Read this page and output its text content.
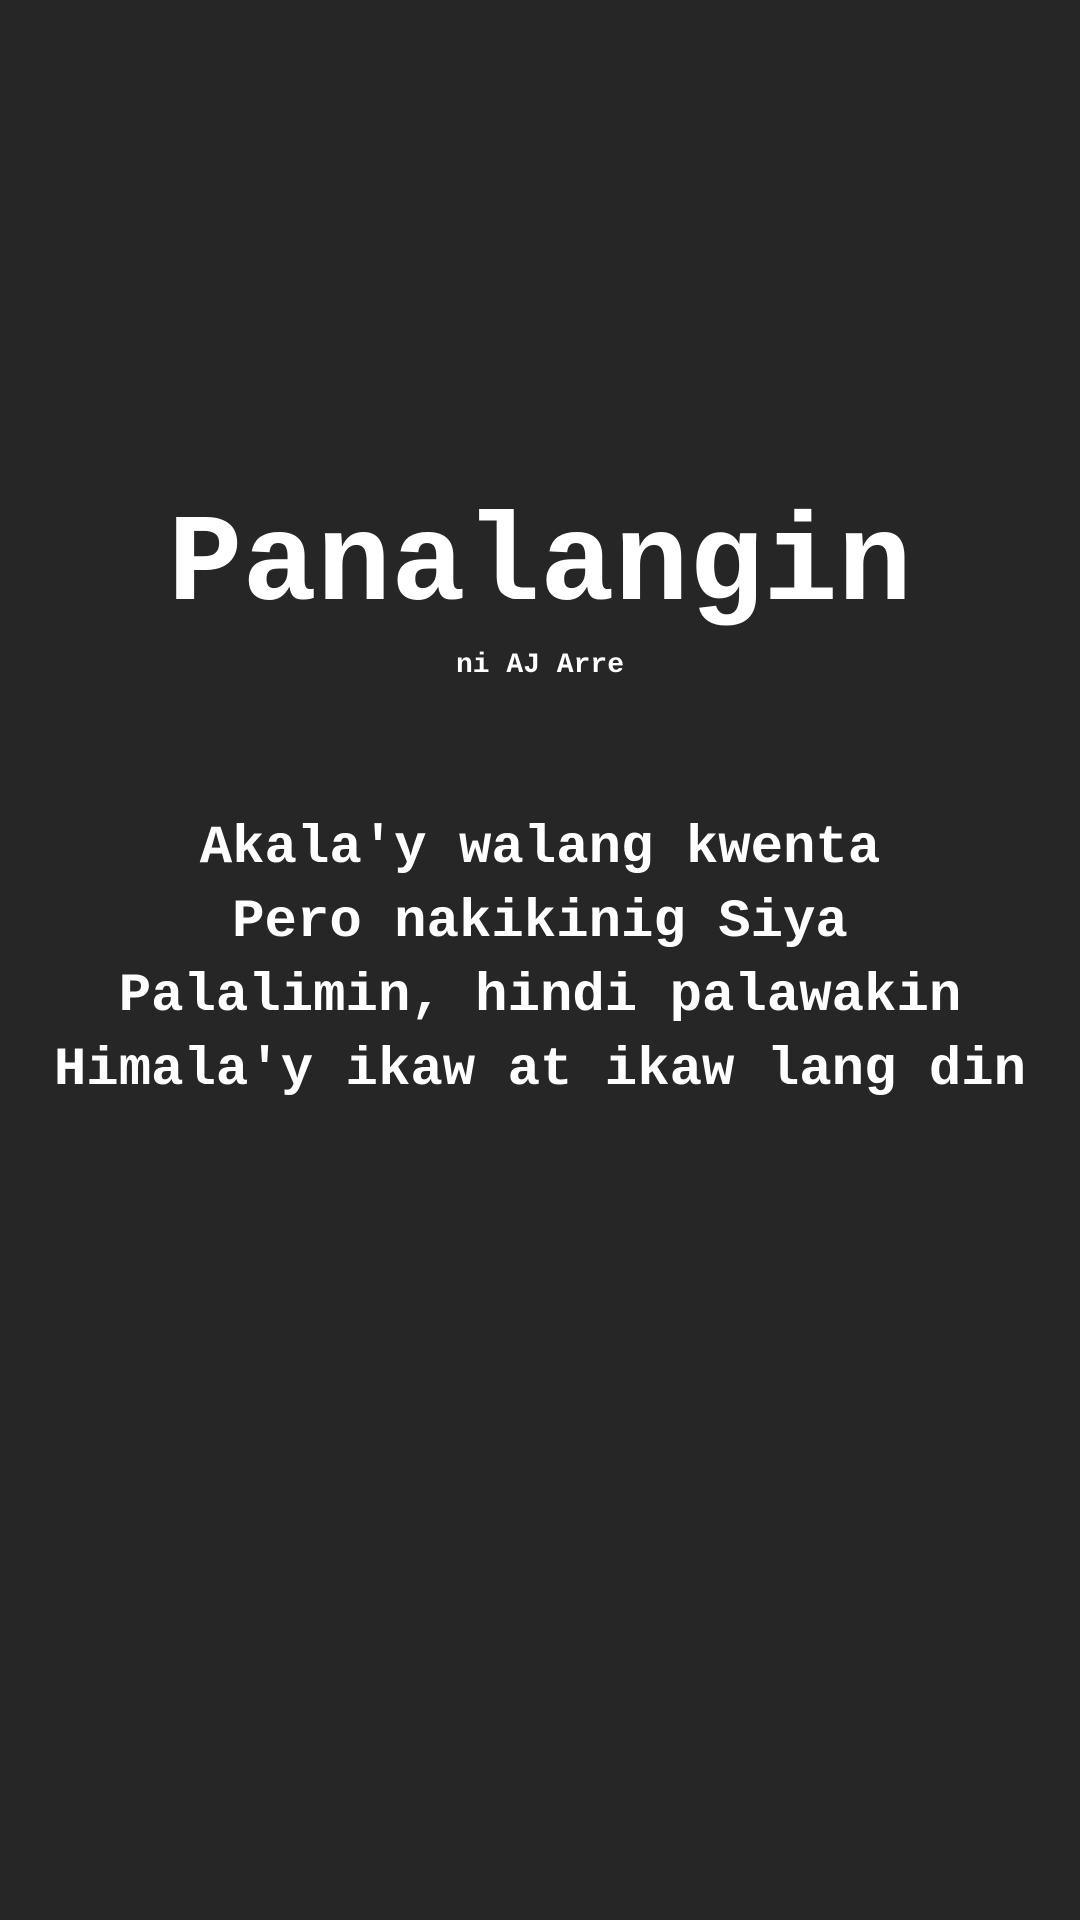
Panalangin
ni AJ Arre
Akala'y walang kwenta
Pero nakikinig Siya
Palalimin, hindi palawakin
Himala'y ikaw at ikaw lang din
